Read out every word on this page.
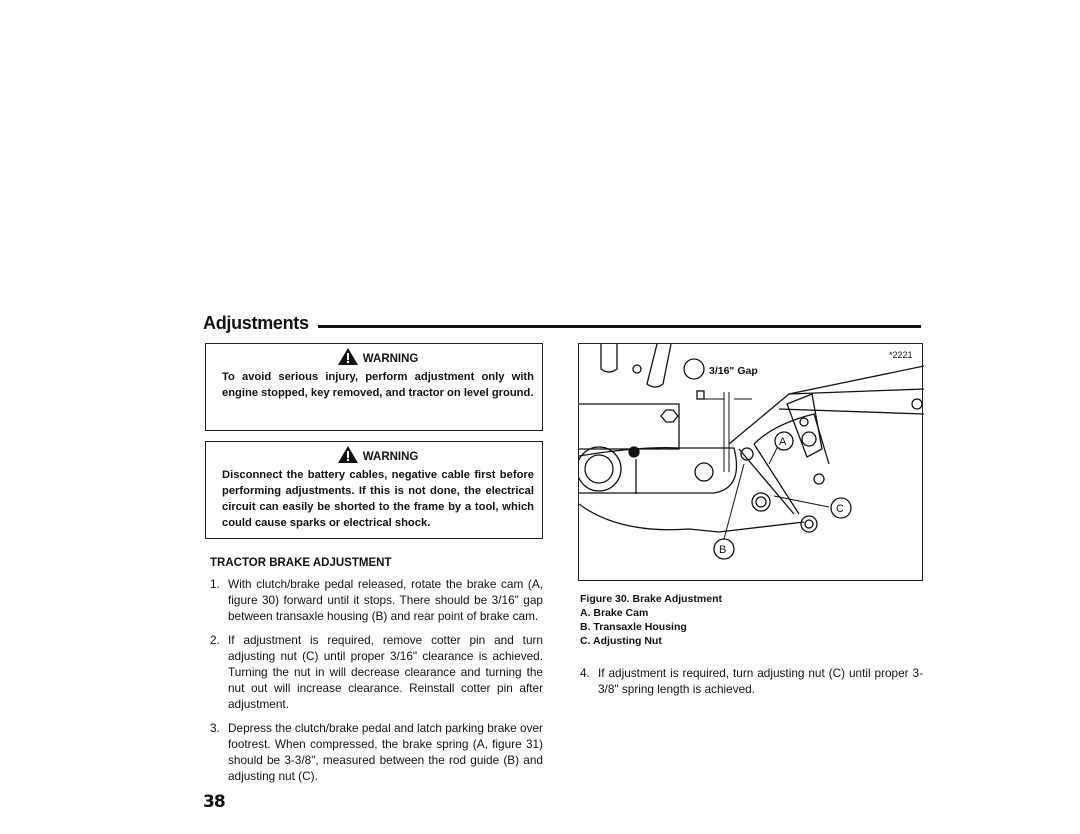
Adjustments
WARNING
To avoid serious injury, perform adjustment only with engine stopped, key removed, and tractor on level ground.
WARNING
Disconnect the battery cables, negative cable first before performing adjustments. If this is not done, the electrical circuit can easily be shorted to the frame by a tool, which could cause sparks or electrical shock.
TRACTOR BRAKE ADJUSTMENT
1. With clutch/brake pedal released, rotate the brake cam (A, figure 30) forward until it stops. There should be 3/16" gap between transaxle housing (B) and rear point of brake cam.
2. If adjustment is required, remove cotter pin and turn adjusting nut (C) until proper 3/16" clearance is achieved. Turning the nut in will decrease clearance and turning the nut out will increase clearance. Reinstall cotter pin after adjustment.
3. Depress the clutch/brake pedal and latch parking brake over footrest. When compressed, the brake spring (A, figure 31) should be 3-3/8", measured between the rod guide (B) and adjusting nut (C).
A
B
C
3/16" Gap
*2221
Figure 30. Brake Adjustment
A. Brake Cam
B. Transaxle Housing
C. Adjusting Nut
4. If adjustment is required, turn adjusting nut (C) until proper 3-3/8" spring length is achieved.
38
